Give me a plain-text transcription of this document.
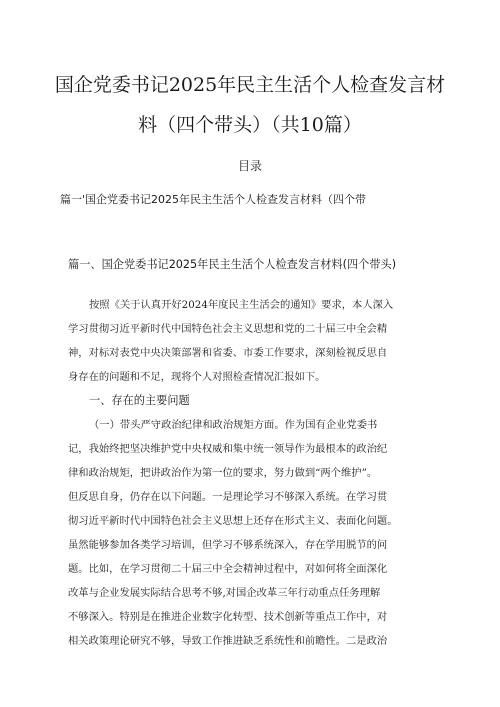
国企党委书记2025年民主生活个人检查发言材
料（四个带头）（共10篇）
目录
篇一'国企党委书记2025年民主生活个人检查发言材料（四个带
篇一、国企党委书记2025年民主生活个人检查发言材料(四个带头)
按照《关于认真开好2024年度民主生活会的通知》要求，本人深入
学习贯彻习近平新时代中国特色社会主义思想和党的二十届三中全会精
神，对标对表党中央决策部署和省委、市委工作要求，深刻检视反思自
身存在的问题和不足，现将个人对照检查情况汇报如下。
一、存在的主要问题
（一）带头严守政治纪律和政治规矩方面。作为国有企业党委书
记，我始终把坚决维护党中央权威和集中统一领导作为最根本的政治纪
律和政治规矩，把讲政治作为第一位的要求，努力做到“两个维护”。
但反思自身，仍存在以下问题。一是理论学习不够深入系统。在学习贯
彻习近平新时代中国特色社会主义思想上还存在形式主义、表面化问题。
虽然能够参加各类学习培训，但学习不够系统深入，存在学用脱节的问
题。比如，在学习贯彻二十届三中全会精神过程中，对如何将全面深化
改革与企业发展实际结合思考不够,对国企改革三年行动重点任务理解
不够深入。特别是在推进企业数字化转型、技术创新等重点工作中，对
相关政策理论研究不够，导致工作推进缺乏系统性和前瞻性。二是政治
